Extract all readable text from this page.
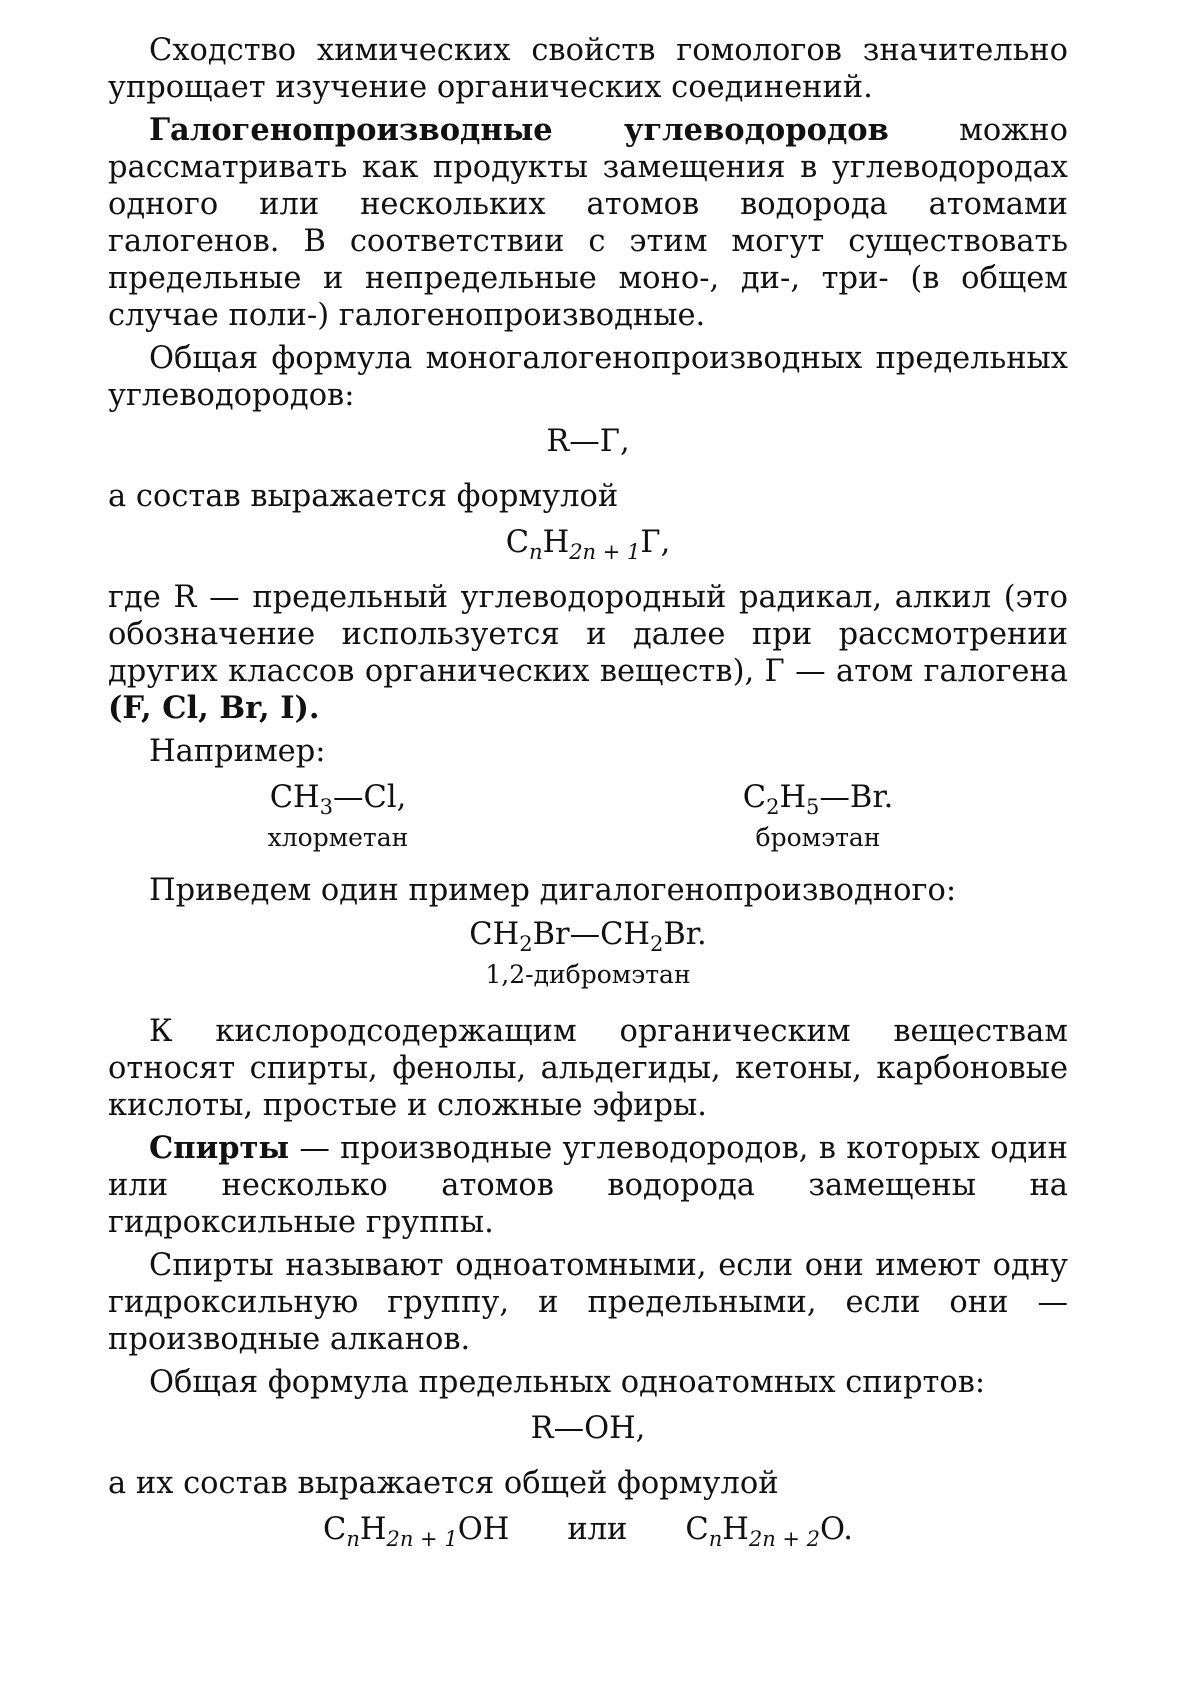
Сходство химических свойств гомологов значительно упрощает изучение органических соединений.

Галогенопроизводные углеводородов можно рассматривать как продукты замещения в углеводородах одного или нескольких атомов водорода атомами галогенов. В соответствии с этим могут существовать предельные и непредельные моно-, ди-, три- (в общем случае поли-) галогенопроизводные.

Общая формула моногалогенопроизводных предельных углеводородов:

R—Г,

а состав выражается формулой

$C_nH_{2n + 1}Г$,

где R — предельный углеводородный радикал, алкил (это обозначение используется и далее при рассмотрении других классов органических веществ), Г — атом галогена (F, Cl, Br, I).

Например:

$CH_3—Cl$,
хлорметан
$C_2H_5—Br$.
бромэтан

Приведем один пример дигалогенопроизводного:

$CH_2Br—CH_2Br$.
1,2-дибромэтан

К кислородсодержащим органическим веществам относят спирты, фенолы, альдегиды, кетоны, карбоновые кислоты, простые и сложные эфиры.

Спирты — производные углеводородов, в которых один или несколько атомов водорода замещены на гидроксильные группы.

Спирты называют одноатомными, если они имеют одну гидроксильную группу, и предельными, если они — производные алканов.

Общая формула предельных одноатомных спиртов:

R—OH,

а их состав выражается общей формулой

$C_nH_{2n + 1}OH$ или $C_nH_{2n + 2}O$.
